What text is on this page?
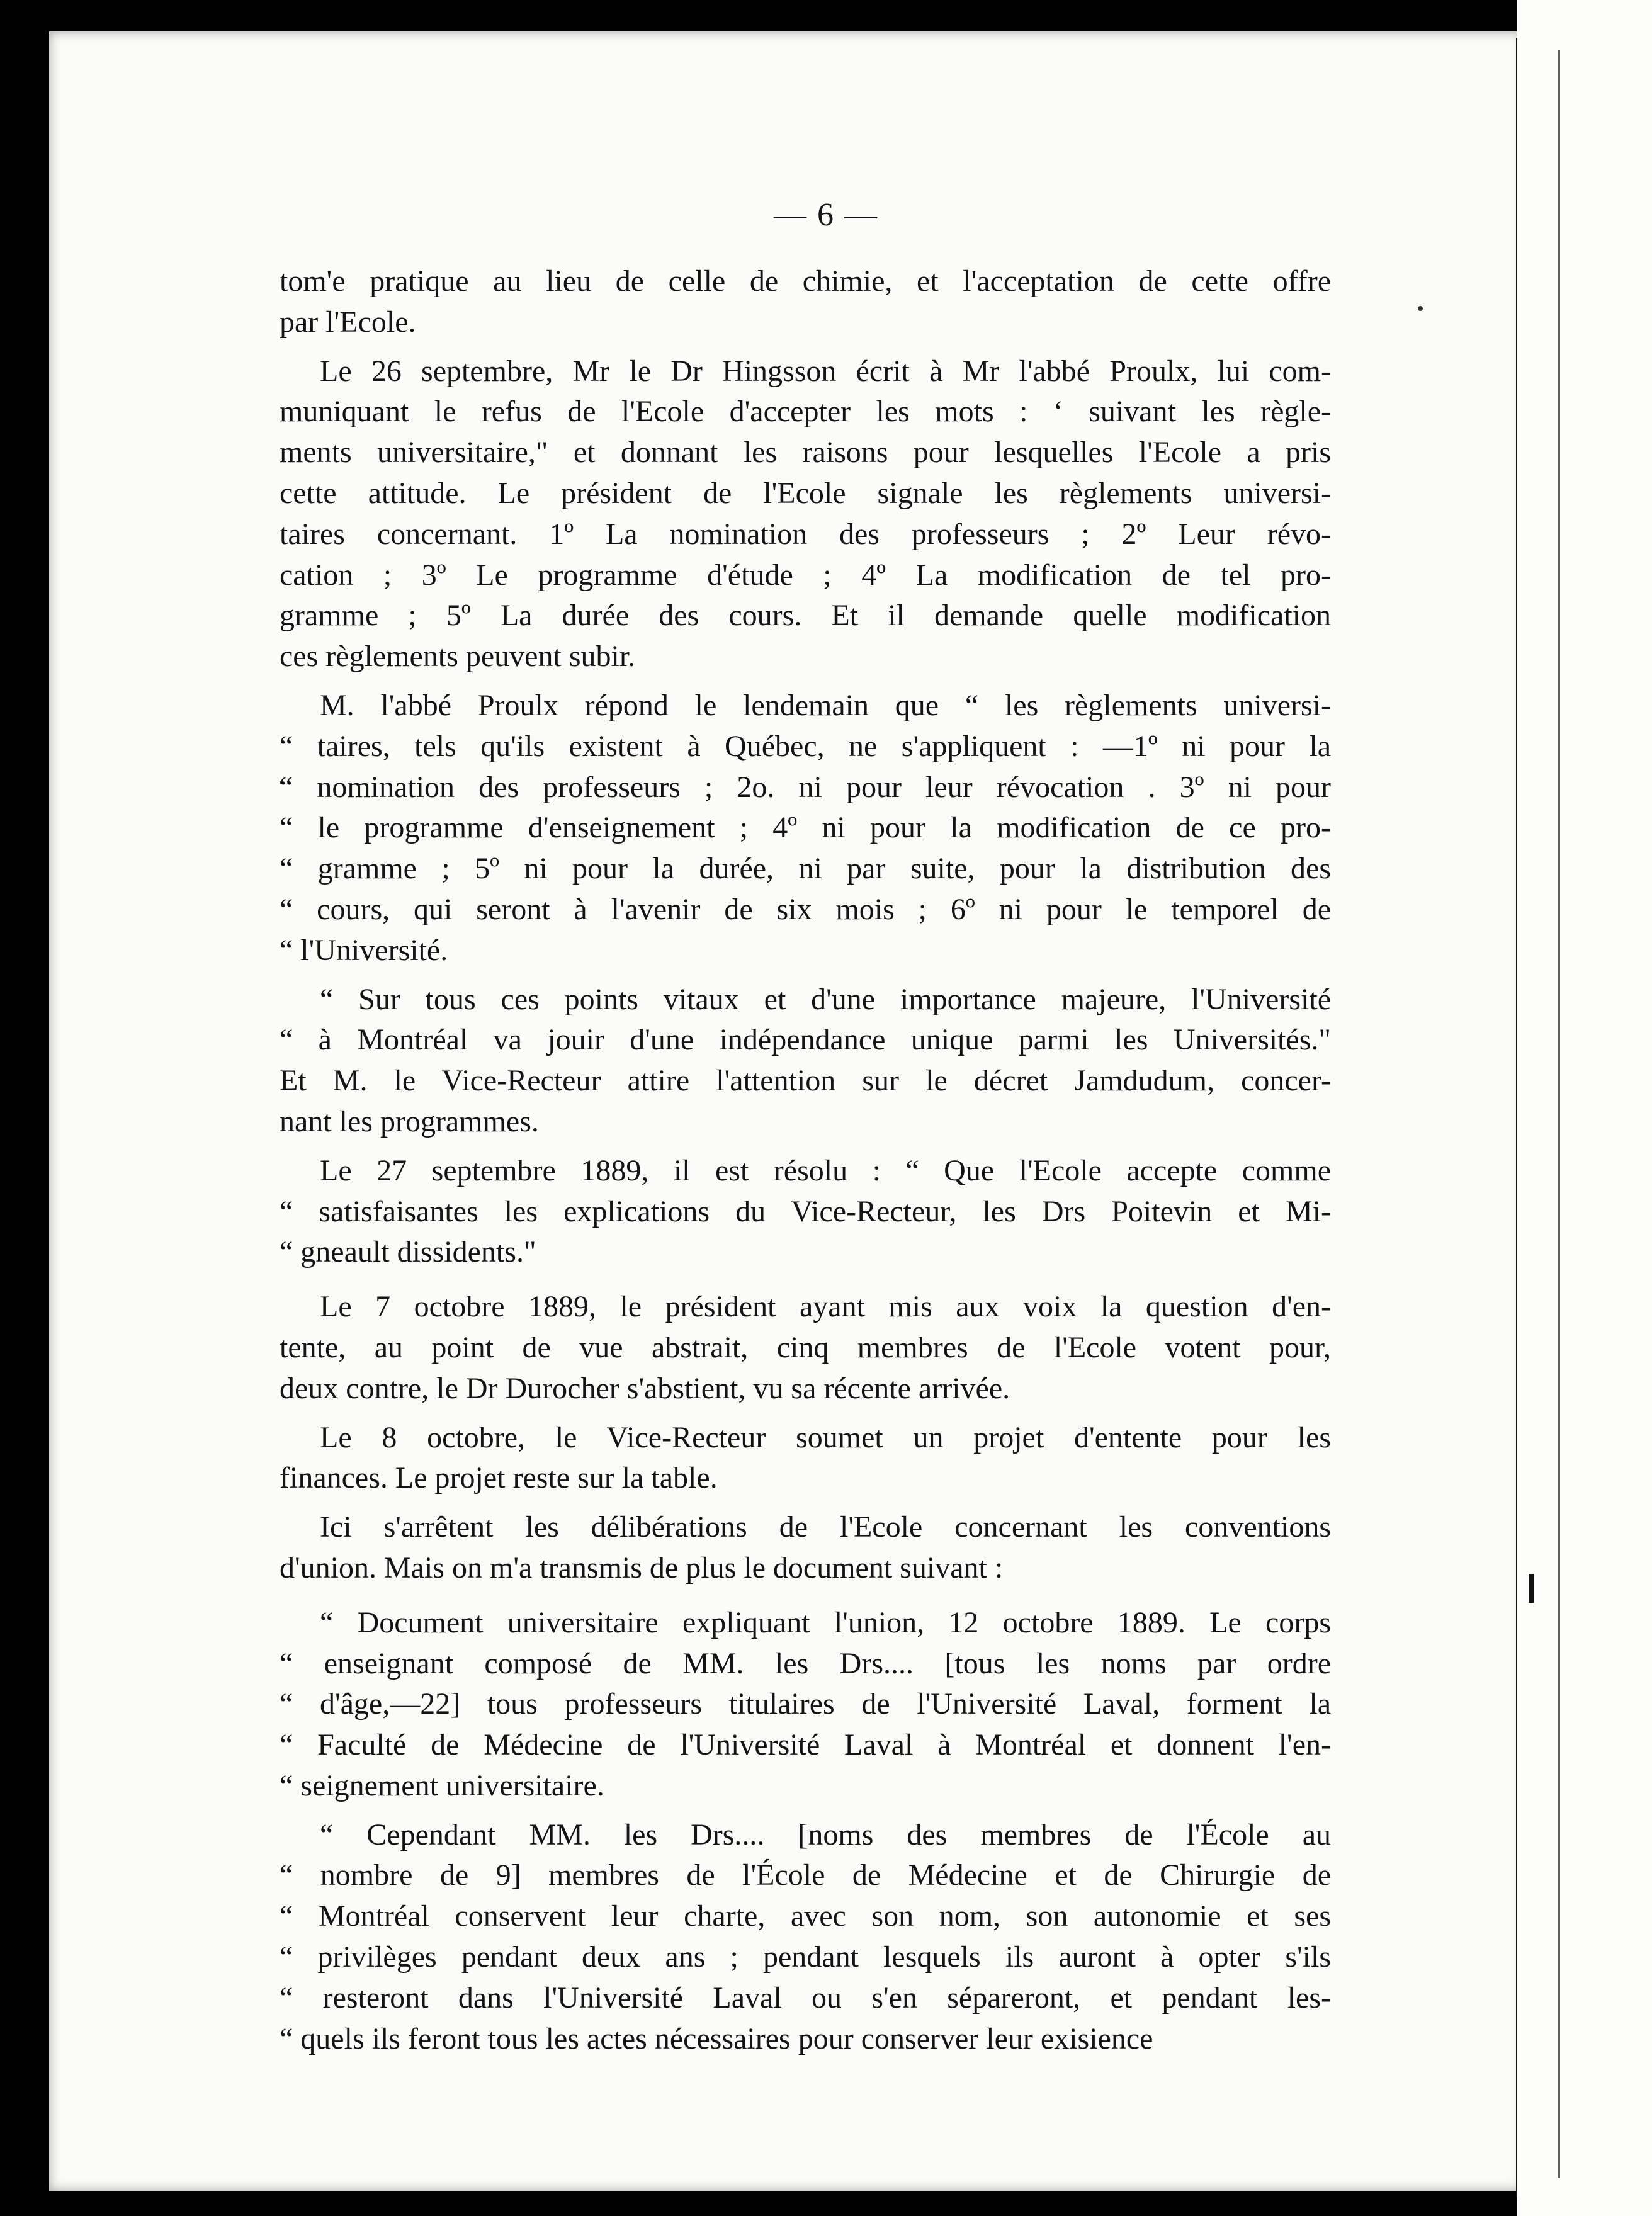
— 6 —
tom'e pratique au lieu de celle de chimie, et l'acceptation de cette offre
par l'Ecole.
Le 26 septembre, Mr le Dr Hingsson écrit à Mr l'abbé Proulx, lui com-
muniquant le refus de l'Ecole d'accepter les mots : ‘ suivant les règle-
ments universitaire," et donnant les raisons pour lesquelles l'Ecole a pris
cette attitude. Le président de l'Ecole signale les règlements universi-
taires concernant. 1º La nomination des professeurs ; 2º Leur révo-
cation ; 3º Le programme d'étude ; 4º La modification de tel pro-
gramme ; 5º La durée des cours. Et il demande quelle modification
ces règlements peuvent subir.
M. l'abbé Proulx répond le lendemain que “ les règlements universi-
“ taires, tels qu'ils existent à Québec, ne s'appliquent : —1º ni pour la
“ nomination des professeurs ; 2o. ni pour leur révocation . 3º ni pour
“ le programme d'enseignement ; 4º ni pour la modification de ce pro-
“ gramme ; 5º ni pour la durée, ni par suite, pour la distribution des
“ cours, qui seront à l'avenir de six mois ; 6º ni pour le temporel de
“ l'Université.
“ Sur tous ces points vitaux et d'une importance majeure, l'Université
“ à Montréal va jouir d'une indépendance unique parmi les Universités."
Et M. le Vice-Recteur attire l'attention sur le décret Jamdudum, concer-
nant les programmes.
Le 27 septembre 1889, il est résolu : “ Que l'Ecole accepte comme
“ satisfaisantes les explications du Vice-Recteur, les Drs Poitevin et Mi-
“ gneault dissidents."
Le 7 octobre 1889, le président ayant mis aux voix la question d'en-
tente, au point de vue abstrait, cinq membres de l'Ecole votent pour,
deux contre, le Dr Durocher s'abstient, vu sa récente arrivée.
Le 8 octobre, le Vice-Recteur soumet un projet d'entente pour les
finances. Le projet reste sur la table.
Ici s'arrêtent les délibérations de l'Ecole concernant les conventions
d'union. Mais on m'a transmis de plus le document suivant :
“ Document universitaire expliquant l'union, 12 octobre 1889. Le corps
“ enseignant composé de MM. les Drs.... [tous les noms par ordre
“ d'âge,—22] tous professeurs titulaires de l'Université Laval, forment la
“ Faculté de Médecine de l'Université Laval à Montréal et donnent l'en-
“ seignement universitaire.
“ Cependant MM. les Drs.... [noms des membres de l'École au
“ nombre de 9] membres de l'École de Médecine et de Chirurgie de
“ Montréal conservent leur charte, avec son nom, son autonomie et ses
“ privilèges pendant deux ans ; pendant lesquels ils auront à opter s'ils
“ resteront dans l'Université Laval ou s'en sépareront, et pendant les-
“ quels ils feront tous les actes nécessaires pour conserver leur exisience
